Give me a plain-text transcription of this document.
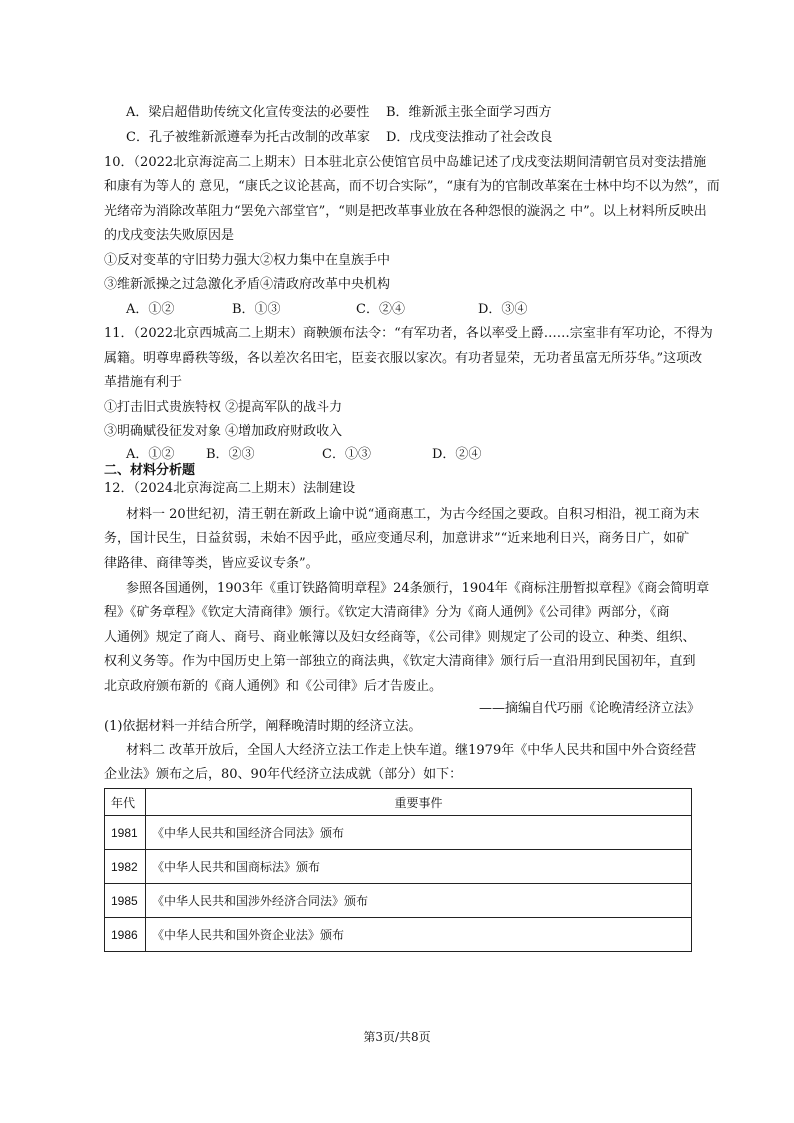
A．梁启超借助传统文化宣传变法的必要性 B．维新派主张全面学习西方
C．孔子被维新派遵奉为托古改制的改革家 D．戊戌变法推动了社会改良
10．（2022北京海淀高二上期末）日本驻北京公使馆官员中岛雄记述了戊戌变法期间清朝官员对变法措施
和康有为等人的 意见，“康氏之议论甚高，而不切合实际”，“康有为的官制改革案在士林中均不以为然”，而
光绪帝为消除改革阻力“罢免六部堂官”，“则是把改革事业放在各种怨恨的漩涡之 中”。以上材料所反映出
的戊戌变法失败原因是
①反对变革的守旧势力强大②权力集中在皇族手中
③维新派操之过急激化矛盾④清政府改革中央机构
A．①②	B．①③	C．②④	D．③④
11．（2022北京西城高二上期末）商鞅颁布法令：“有军功者，各以率受上爵……宗室非有军功论，不得为
属籍。明尊卑爵秩等级，各以差次名田宅，臣妾衣服以家次。有功者显荣，无功者虽富无所芬华。”这项改
革措施有利于
①打击旧式贵族特权 ②提高军队的战斗力
③明确赋役征发对象 ④增加政府财政收入
A．①② B．②③	C．①③	D．②④
二、材料分析题
12．（2024北京海淀高二上期末）法制建设
材料一 20世纪初，清王朝在新政上谕中说“通商惠工，为古今经国之要政。自积习相沿，视工商为末
务，国计民生，日益贫弱，未始不因乎此，亟应变通尽利，加意讲求”“近来地利日兴，商务日广，如矿
律路律、商律等类，皆应妥议专条”。
参照各国通例，1903年《重订铁路简明章程》24条颁行，1904年《商标注册暂拟章程》《商会简明章
程》《矿务章程》《钦定大清商律》颁行。《钦定大清商律》分为《商人通例》《公司律》两部分，《商
人通例》规定了商人、商号、商业帐簿以及妇女经商等，《公司律》则规定了公司的设立、种类、组织、
权利义务等。作为中国历史上第一部独立的商法典，《钦定大清商律》颁行后一直沿用到民国初年，直到
北京政府颁布新的《商人通例》和《公司律》后才告废止。
——摘编自代巧丽《论晚清经济立法》
(1)依据材料一并结合所学，阐释晚清时期的经济立法。
材料二 改革开放后，全国人大经济立法工作走上快车道。继1979年《中华人民共和国中外合资经营
企业法》颁布之后，80、90年代经济立法成就（部分）如下：
年代	重要事件
1981	《中华人民共和国经济合同法》颁布
1982	《中华人民共和国商标法》颁布
1985	《中华人民共和国涉外经济合同法》颁布
1986	《中华人民共和国外资企业法》颁布
第3页/共8页
